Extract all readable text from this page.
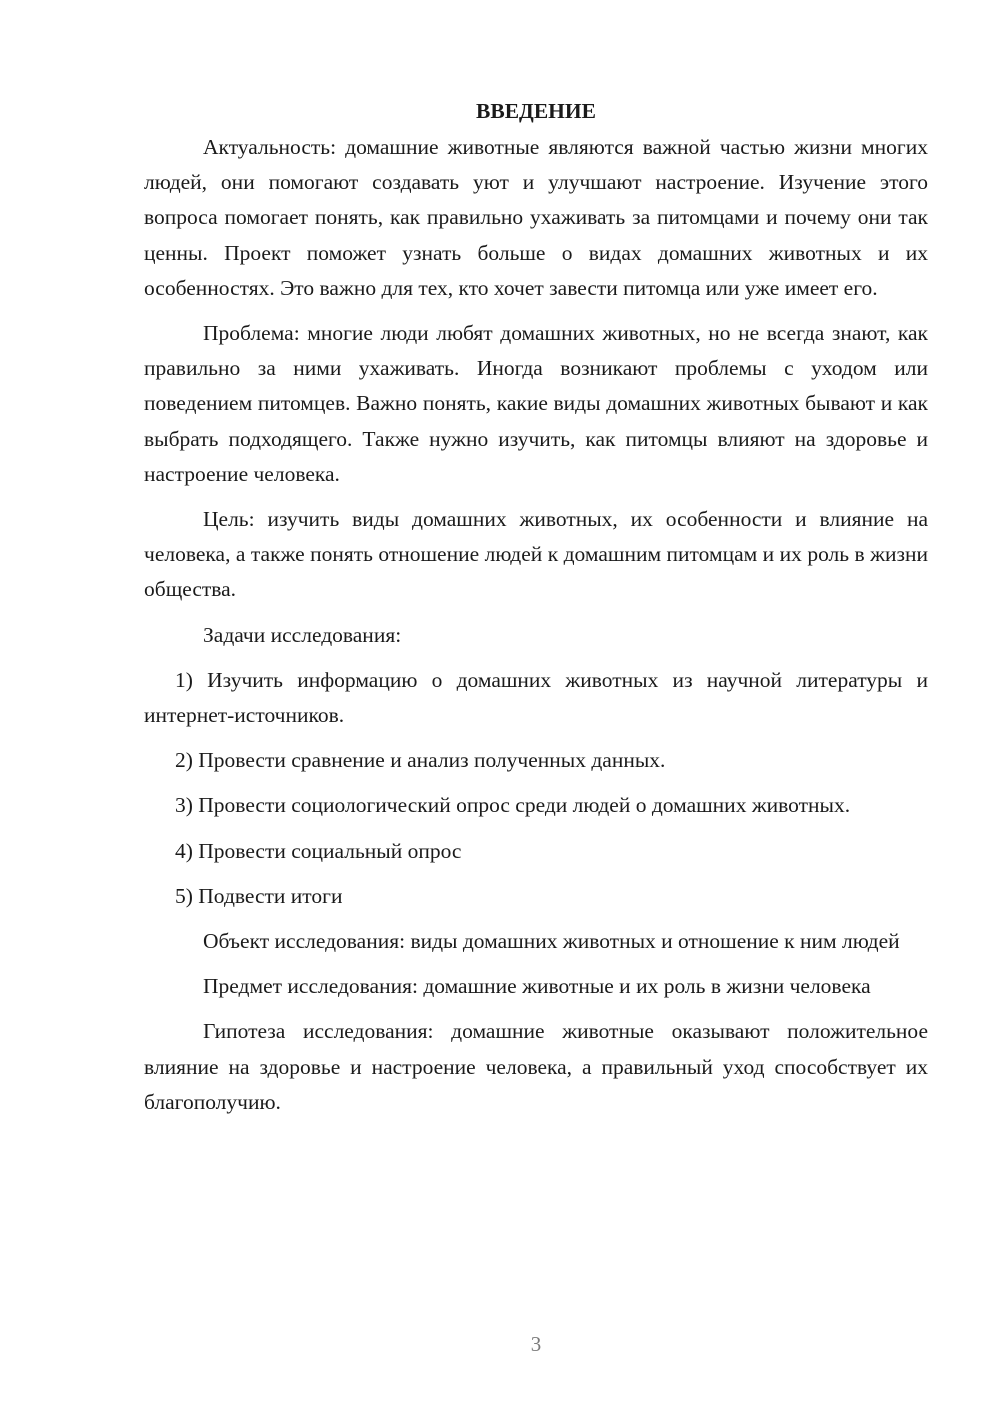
ВВЕДЕНИЕ

Актуальность: домашние животные являются важной частью жизни многих людей, они помогают создавать уют и улучшают настроение. Изучение этого вопроса помогает понять, как правильно ухаживать за питомцами и почему они так ценны. Проект поможет узнать больше о видах домашних животных и их особенностях. Это важно для тех, кто хочет завести питомца или уже имеет его.

Проблема: многие люди любят домашних животных, но не всегда знают, как правильно за ними ухаживать. Иногда возникают проблемы с уходом или поведением питомцев. Важно понять, какие виды домашних животных бывают и как выбрать подходящего. Также нужно изучить, как питомцы влияют на здоровье и настроение человека.

Цель: изучить виды домашних животных, их особенности и влияние на человека, а также понять отношение людей к домашним питомцам и их роль в жизни общества.

Задачи исследования:

1) Изучить информацию о домашних животных из научной литературы и интернет-источников.

2) Провести сравнение и анализ полученных данных.

3) Провести социологический опрос среди людей о домашних животных.

4) Провести социальный опрос

5) Подвести итоги

Объект исследования: виды домашних животных и отношение к ним людей

Предмет исследования: домашние животные и их роль в жизни человека

Гипотеза исследования: домашние животные оказывают положительное влияние на здоровье и настроение человека, а правильный уход способствует их благополучию.

3
